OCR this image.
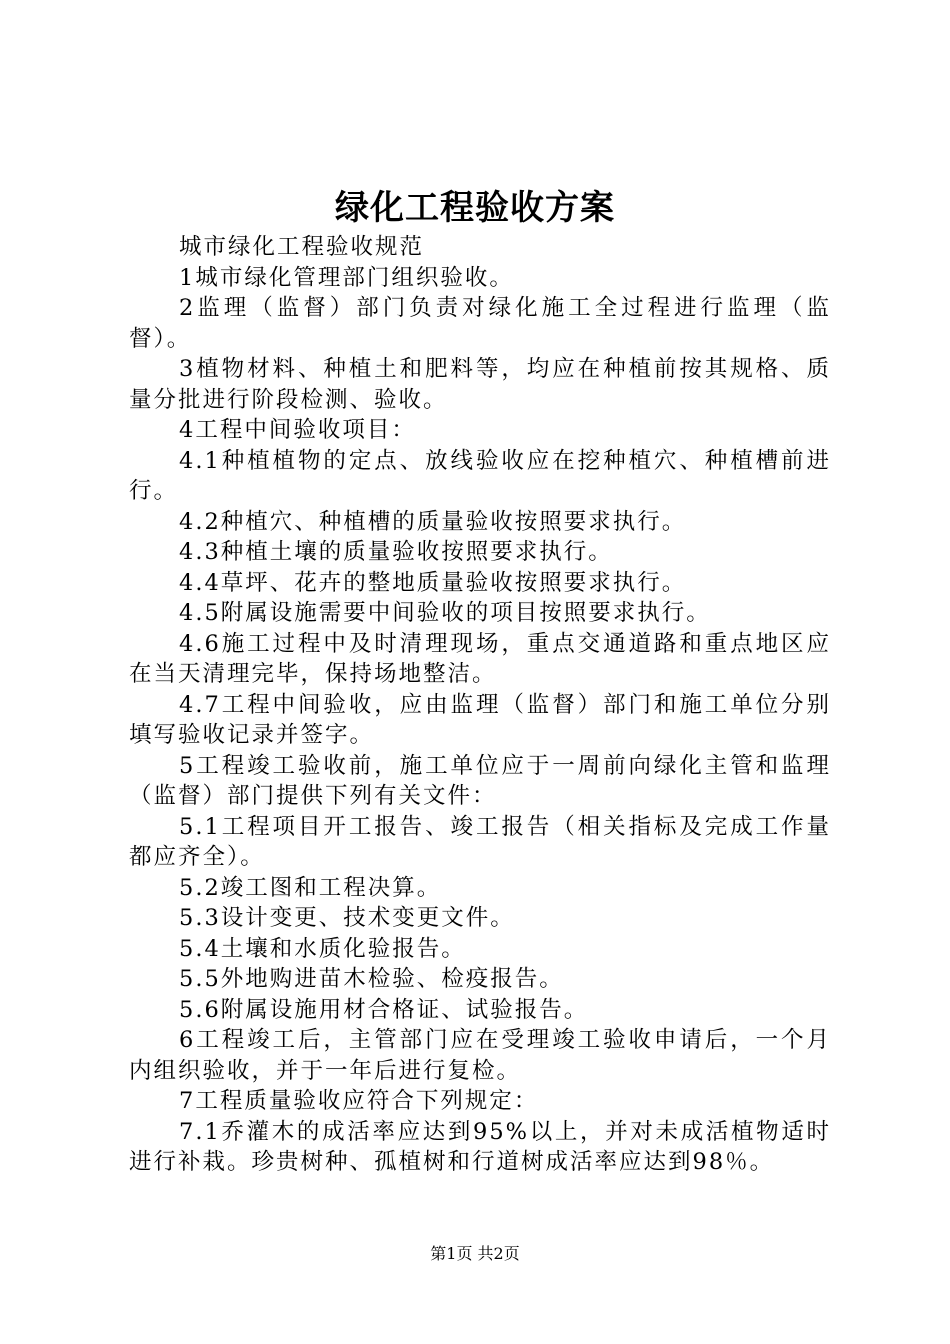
绿化工程验收方案

城市绿化工程验收规范

1城市绿化管理部门组织验收。

2监理（监督）部门负责对绿化施工全过程进行监理（监督）。

3植物材料、种植土和肥料等，均应在种植前按其规格、质量分批进行阶段检测、验收。

4工程中间验收项目：

4.1种植植物的定点、放线验收应在挖种植穴、种植槽前进行。

4.2种植穴、种植槽的质量验收按照要求执行。

4.3种植土壤的质量验收按照要求执行。

4.4草坪、花卉的整地质量验收按照要求执行。

4.5附属设施需要中间验收的项目按照要求执行。

4.6施工过程中及时清理现场，重点交通道路和重点地区应在当天清理完毕，保持场地整洁。

4.7工程中间验收，应由监理（监督）部门和施工单位分别填写验收记录并签字。

5工程竣工验收前，施工单位应于一周前向绿化主管和监理（监督）部门提供下列有关文件：

5.1工程项目开工报告、竣工报告（相关指标及完成工作量都应齐全）。

5.2竣工图和工程决算。

5.3设计变更、技术变更文件。

5.4土壤和水质化验报告。

5.5外地购进苗木检验、检疫报告。

5.6附属设施用材合格证、试验报告。

6工程竣工后，主管部门应在受理竣工验收申请后，一个月内组织验收，并于一年后进行复检。

7工程质量验收应符合下列规定：

7.1乔灌木的成活率应达到95%以上，并对未成活植物适时进行补栽。珍贵树种、孤植树和行道树成活率应达到98％。

第1页 共2页
